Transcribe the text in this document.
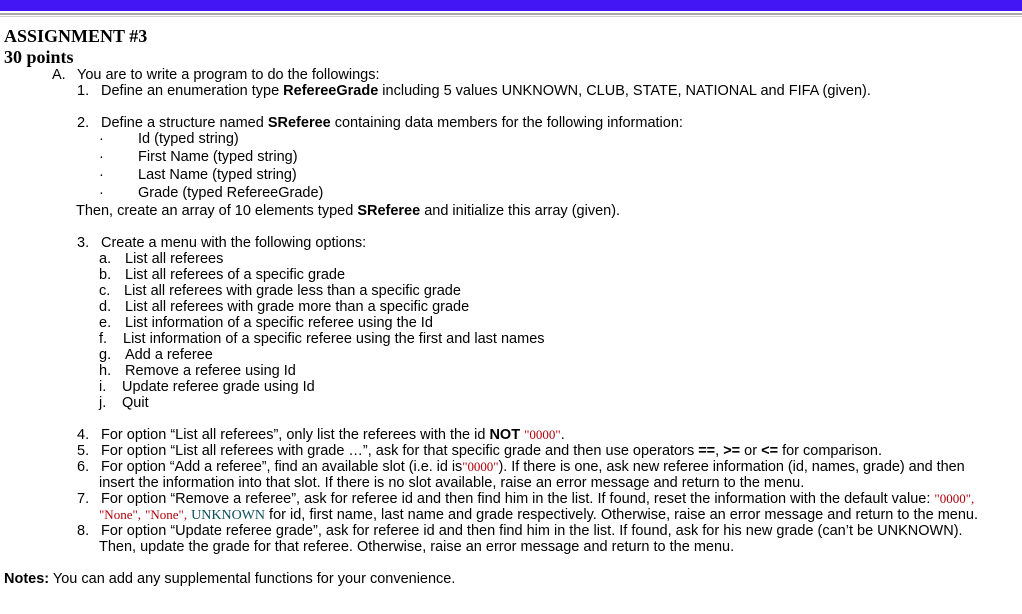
ASSIGNMENT #3
30 points
A. You are to write a program to do the followings:
1. Define an enumeration type RefereeGrade including 5 values UNKNOWN, CLUB, STATE, NATIONAL and FIFA (given).
2. Define a structure named SReferee containing data members for the following information:
· Id (typed string)
· First Name (typed string)
· Last Name (typed string)
· Grade (typed RefereeGrade)
Then, create an array of 10 elements typed SReferee and initialize this array (given).
3. Create a menu with the following options:
a. List all referees
b. List all referees of a specific grade
c. List all referees with grade less than a specific grade
d. List all referees with grade more than a specific grade
e. List information of a specific referee using the Id
f. List information of a specific referee using the first and last names
g. Add a referee
h. Remove a referee using Id
i. Update referee grade using Id
j. Quit
4. For option “List all referees”, only list the referees with the id NOT "0000".
5. For option “List all referees with grade …”, ask for that specific grade and then use operators ==, >= or <= for comparison.
6. For option “Add a referee”, find an available slot (i.e. id is"0000"). If there is one, ask new referee information (id, names, grade) and then
insert the information into that slot. If there is no slot available, raise an error message and return to the menu.
7. For option “Remove a referee”, ask for referee id and then find him in the list. If found, reset the information with the default value: "0000", "None", "None", UNKNOWN for id, first name, last name and grade respectively. Otherwise, raise an error message and return to the menu.
8. For option “Update referee grade”, ask for referee id and then find him in the list. If found, ask for his new grade (can’t be UNKNOWN).
Then, update the grade for that referee. Otherwise, raise an error message and return to the menu.
Notes: You can add any supplemental functions for your convenience.
